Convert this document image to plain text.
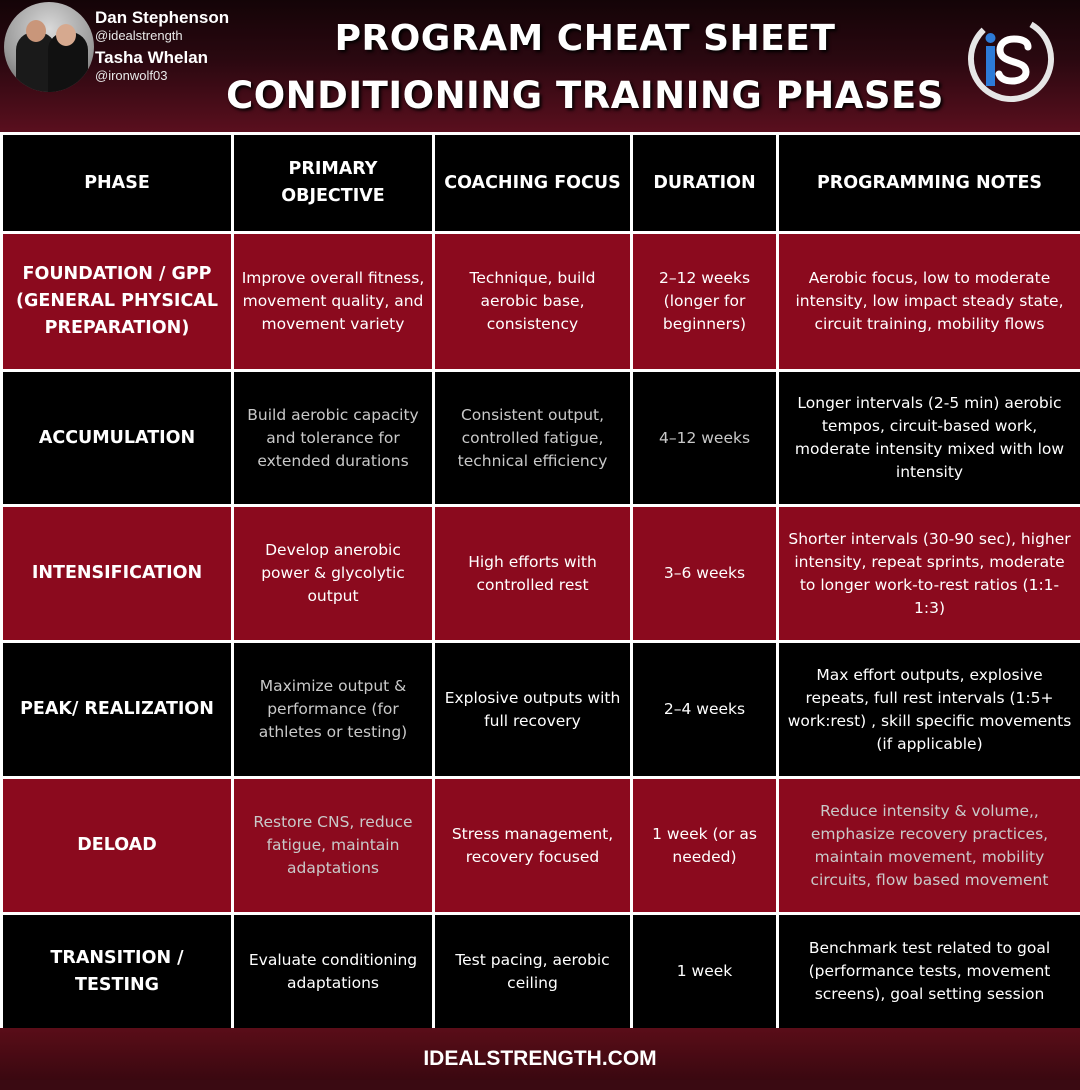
Dan Stephenson
@idealstrength
Tasha Whelan
@ironwolf03
PROGRAM CHEAT SHEET
CONDITIONING TRAINING PHASES
PHASE	PRIMARY OBJECTIVE	COACHING FOCUS	DURATION	PROGRAMMING NOTES
FOUNDATION / GPP (GENERAL PHYSICAL PREPARATION)	Improve overall fitness, movement quality, and movement variety	Technique, build aerobic base, consistency	2–12 weeks (longer for beginners)	Aerobic focus, low to moderate intensity, low impact steady state, circuit training, mobility flows
ACCUMULATION	Build aerobic capacity and tolerance for extended durations	Consistent output, controlled fatigue, technical efficiency	4–12 weeks	Longer intervals (2-5 min) aerobic tempos, circuit-based work, moderate intensity mixed with low intensity
INTENSIFICATION	Develop anerobic power & glycolytic output	High efforts with controlled rest	3–6 weeks	Shorter intervals (30-90 sec), higher intensity, repeat sprints, moderate to longer work-to-rest ratios (1:1-1:3)
PEAK/ REALIZATION	Maximize output & performance (for athletes or testing)	Explosive outputs with full recovery	2–4 weeks	Max effort outputs, explosive repeats, full rest intervals (1:5+ work:rest) , skill specific movements (if applicable)
DELOAD	Restore CNS, reduce fatigue, maintain adaptations	Stress management, recovery focused	1 week (or as needed)	Reduce intensity & volume,, emphasize recovery practices, maintain movement, mobility circuits, flow based movement
TRANSITION / TESTING	Evaluate conditioning adaptations	Test pacing, aerobic ceiling	1 week	Benchmark test related to goal (performance tests, movement screens), goal setting session
IDEALSTRENGTH.COM
